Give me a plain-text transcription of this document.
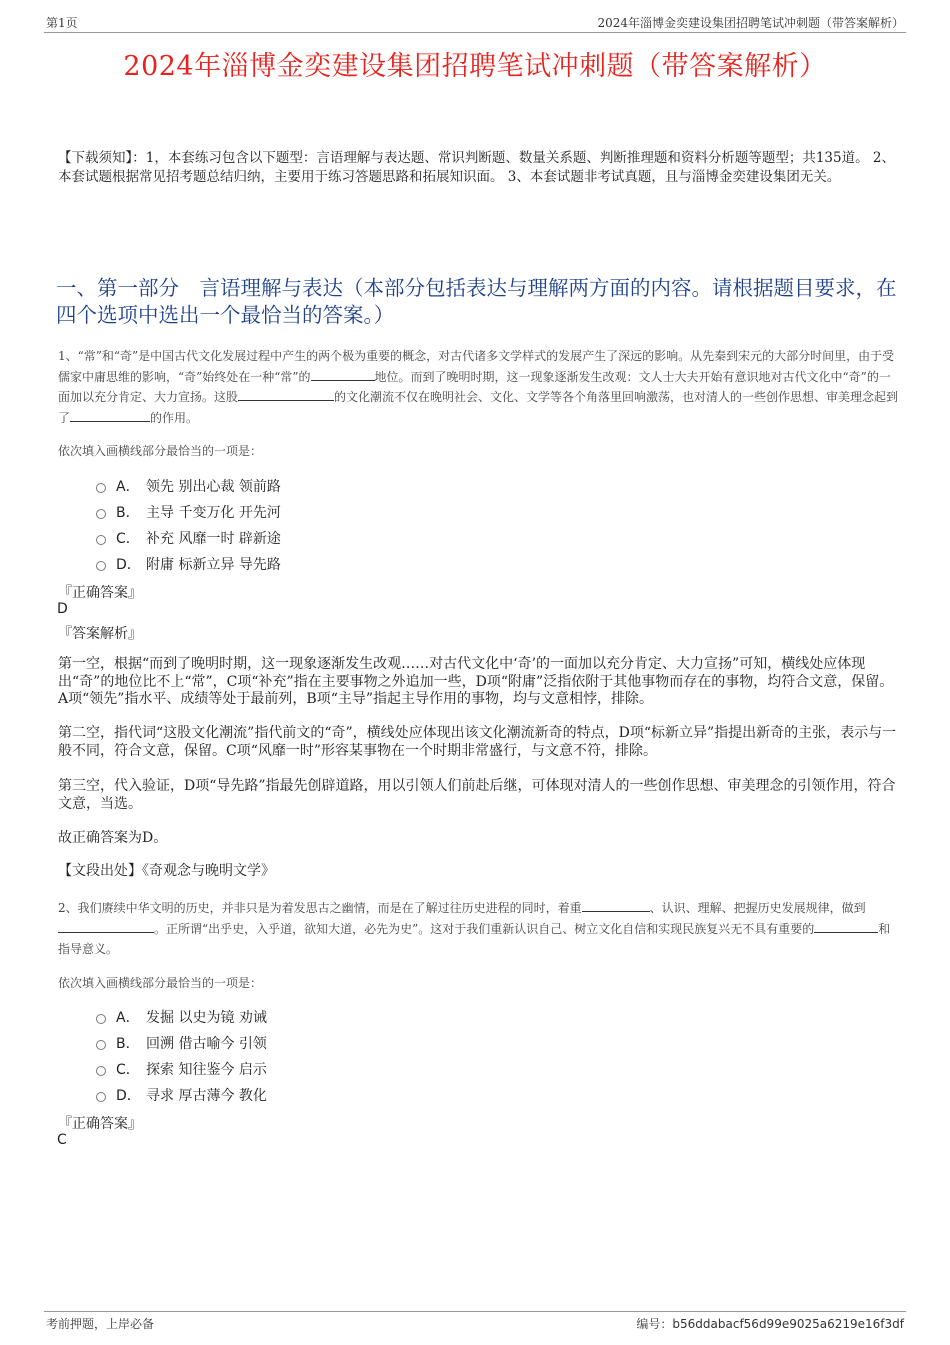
第1页	2024年淄博金奕建设集团招聘笔试冲刺题（带答案解析）
2024年淄博金奕建设集团招聘笔试冲刺题（带答案解析）
【下载须知】：1，本套练习包含以下题型：言语理解与表达题、常识判断题、数量关系题、判断推理题和资料分析题等题型；共135道。 2、本套试题根据常见招考题总结归纳，主要用于练习答题思路和拓展知识面。 3、本套试题非考试真题，且与淄博金奕建设集团无关。
一、第一部分　言语理解与表达（本部分包括表达与理解两方面的内容。请根据题目要求，在四个选项中选出一个最恰当的答案。）
1、“常”和“奇”是中国古代文化发展过程中产生的两个极为重要的概念，对古代诸多文学样式的发展产生了深远的影响。从先秦到宋元的大部分时间里，由于受儒家中庸思维的影响，“奇”始终处在一种“常”的	地位。而到了晚明时期，这一现象逐渐发生改观：文人士大夫开始有意识地对古代文化中“奇”的一面加以充分肯定、大力宣扬。这股	的文化潮流不仅在晚明社会、文化、文学等各个角落里回响激荡，也对清人的一些创作思想、审美理念起到了	的作用。
依次填入画横线部分最恰当的一项是：
A． 领先 别出心裁 领前路
B． 主导 千变万化 开先河
C． 补充 风靡一时 辟新途
D． 附庸 标新立异 导先路
『正确答案』
D
『答案解析』
第一空，根据“而到了晚明时期，这一现象逐渐发生改观……对古代文化中‘奇’的一面加以充分肯定、大力宣扬”可知，横线处应体现出“奇”的地位比不上“常”，C项“补充”指在主要事物之外追加一些，D项“附庸”泛指依附于其他事物而存在的事物，均符合文意，保留。A项“领先”指水平、成绩等处于最前列，B项“主导”指起主导作用的事物，均与文意相悖，排除。
第二空，指代词“这股文化潮流”指代前文的“奇”，横线处应体现出该文化潮流新奇的特点，D项“标新立异”指提出新奇的主张，表示与一般不同，符合文意，保留。C项“风靡一时”形容某事物在一个时期非常盛行，与文意不符，排除。
第三空，代入验证，D项“导先路”指最先创辟道路，用以引领人们前赴后继，可体现对清人的一些创作思想、审美理念的引领作用，符合文意，当选。
故正确答案为D。
【文段出处】《奇观念与晚明文学》
2、我们赓续中华文明的历史，并非只是为着发思古之幽情，而是在了解过往历史进程的同时，着重	、认识、理解、把握历史发展规律，做到。正所谓“出乎史，入乎道，欲知大道，必先为史”。这对于我们重新认识自己、树立文化自信和实现民族复兴无不具有重要的	和指导意义。
依次填入画横线部分最恰当的一项是：
A． 发掘 以史为镜 劝诫
B． 回溯 借古喻今 引领
C． 探索 知往鉴今 启示
D． 寻求 厚古薄今 教化
『正确答案』
C
考前押题，上岸必备	编号：b56ddabacf56d99e9025a6219e16f3df
